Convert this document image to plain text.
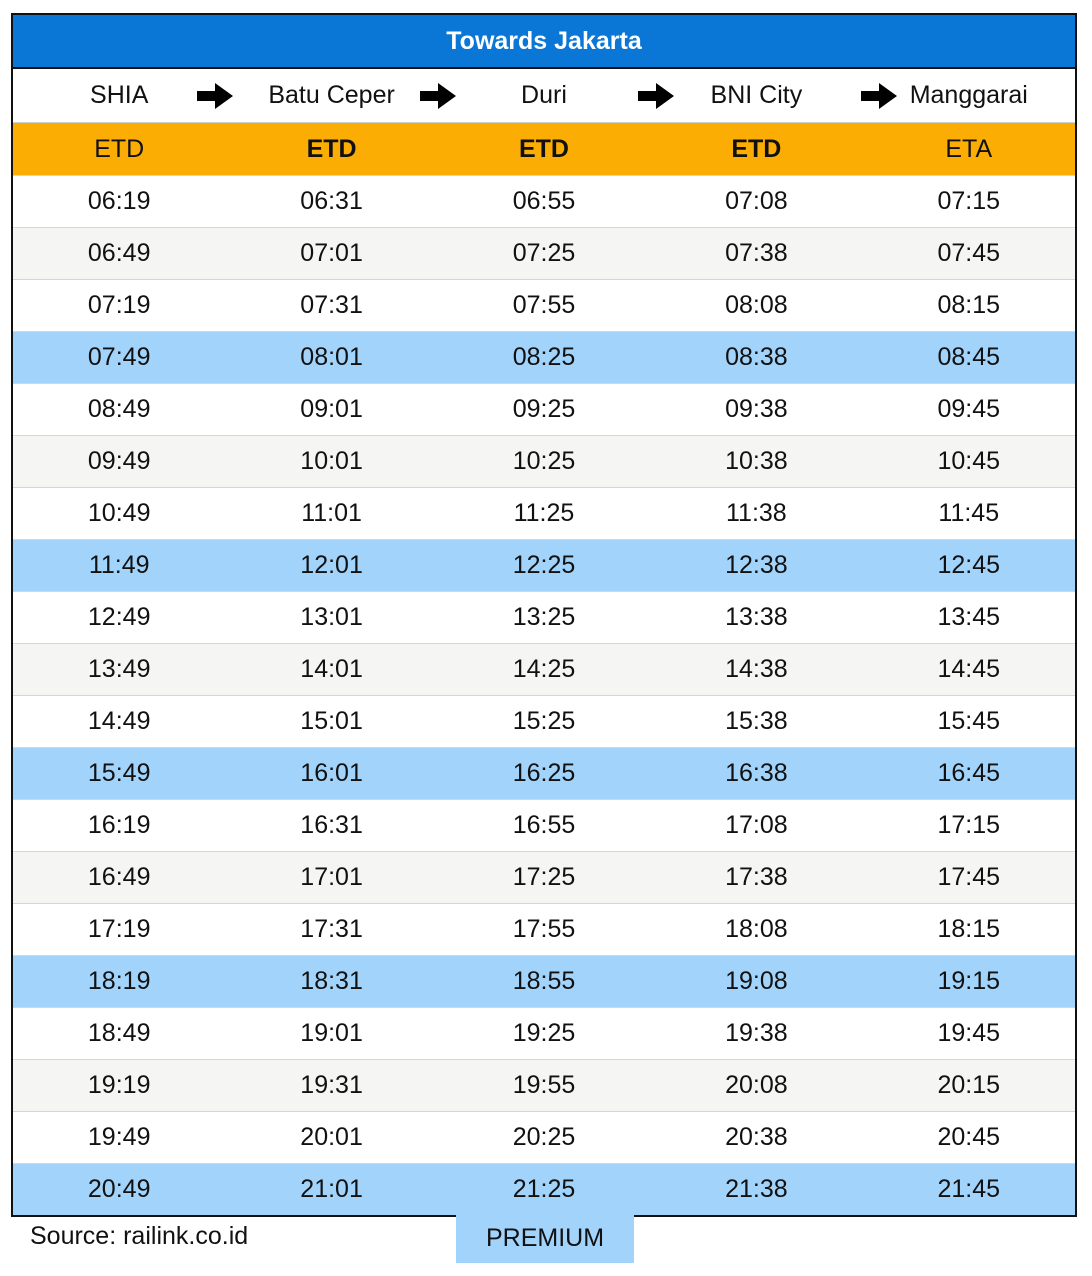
Towards Jakarta
SHIA	Batu Ceper	Duri	BNI City	Manggarai
ETD	ETD	ETD	ETD	ETA
06:19	06:31	06:55	07:08	07:15
06:49	07:01	07:25	07:38	07:45
07:19	07:31	07:55	08:08	08:15
07:49	08:01	08:25	08:38	08:45
08:49	09:01	09:25	09:38	09:45
09:49	10:01	10:25	10:38	10:45
10:49	11:01	11:25	11:38	11:45
11:49	12:01	12:25	12:38	12:45
12:49	13:01	13:25	13:38	13:45
13:49	14:01	14:25	14:38	14:45
14:49	15:01	15:25	15:38	15:45
15:49	16:01	16:25	16:38	16:45
16:19	16:31	16:55	17:08	17:15
16:49	17:01	17:25	17:38	17:45
17:19	17:31	17:55	18:08	18:15
18:19	18:31	18:55	19:08	19:15
18:49	19:01	19:25	19:38	19:45
19:19	19:31	19:55	20:08	20:15
19:49	20:01	20:25	20:38	20:45
20:49	21:01	21:25	21:38	21:45
Source: railink.co.id	PREMIUM
